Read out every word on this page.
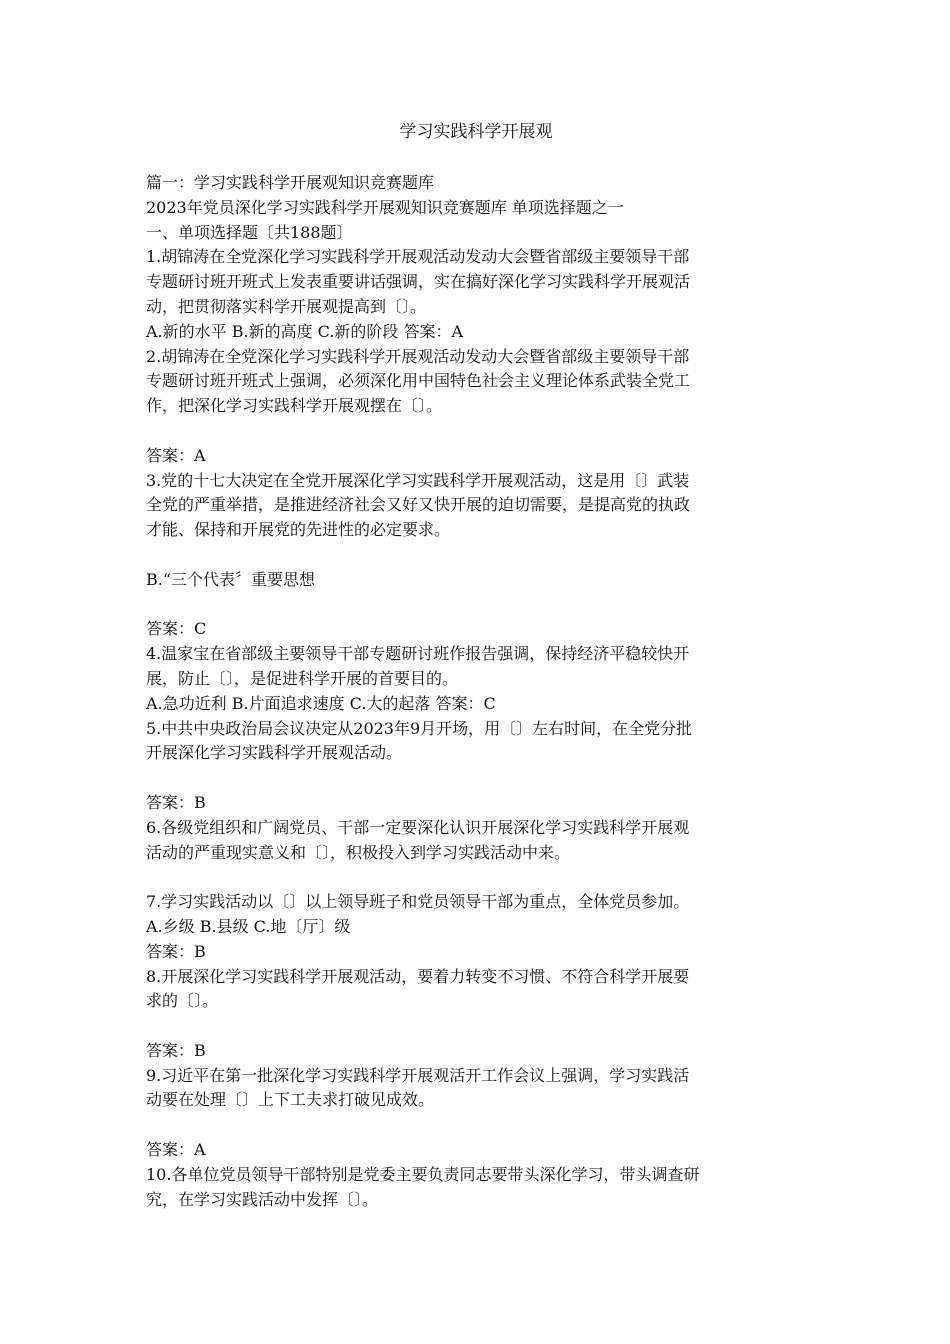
学习实践科学开展观
篇一：学习实践科学开展观知识竞赛题库
2023年党员深化学习实践科学开展观知识竞赛题库 单项选择题之一
一、单项选择题〔共188题〕
1.胡锦涛在全党深化学习实践科学开展观活动发动大会暨省部级主要领导干部
专题研讨班开班式上发表重要讲话强调，实在搞好深化学习实践科学开展观活
动，把贯彻落实科学开展观提高到〔〕。
A.新的水平 B.新的高度 C.新的阶段 答案：A
2.胡锦涛在全党深化学习实践科学开展观活动发动大会暨省部级主要领导干部
专题研讨班开班式上强调，必须深化用中国特色社会主义理论体系武装全党工
作，把深化学习实践科学开展观摆在〔〕。
答案：A
3.党的十七大决定在全党开展深化学习实践科学开展观活动，这是用〔〕武装
全党的严重举措，是推进经济社会又好又快开展的迫切需要，是提高党的执政
才能、保持和开展党的先进性的必定要求。
B.“三个代表〞重要思想
答案：C
4.温家宝在省部级主要领导干部专题研讨班作报告强调，保持经济平稳较快开
展，防止〔〕，是促进科学开展的首要目的。
A.急功近利 B.片面追求速度 C.大的起落 答案：C
5.中共中央政治局会议决定从2023年9月开场，用〔〕左右时间，在全党分批
开展深化学习实践科学开展观活动。
答案：B
6.各级党组织和广阔党员、干部一定要深化认识开展深化学习实践科学开展观
活动的严重现实意义和〔〕，积极投入到学习实践活动中来。
7.学习实践活动以〔〕以上领导班子和党员领导干部为重点，全体党员参加。
A.乡级 B.县级 C.地〔厅〕级
答案：B
8.开展深化学习实践科学开展观活动，要着力转变不习惯、不符合科学开展要
求的〔〕。
答案：B
9.习近平在第一批深化学习实践科学开展观活开工作会议上强调，学习实践活
动要在处理〔〕上下工夫求打破见成效。
答案：A
10.各单位党员领导干部特别是党委主要负责同志要带头深化学习，带头调查研
究，在学习实践活动中发挥〔〕。
